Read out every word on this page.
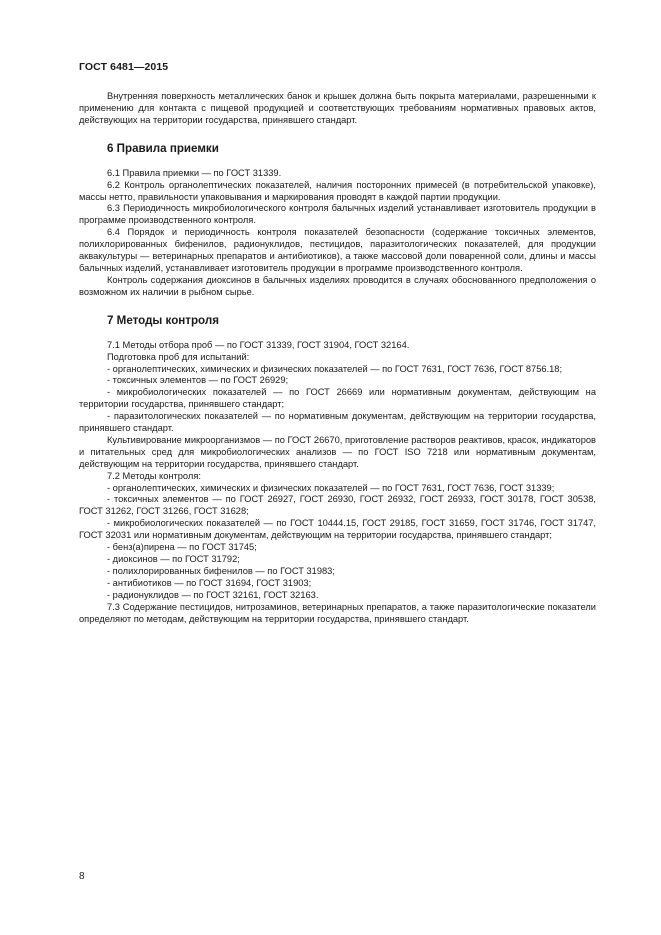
ГОСТ 6481—2015

Внутренняя поверхность металлических банок и крышек должна быть покрыта материалами, разрешенными к применению для контакта с пищевой продукцией и соответствующих требованиям нормативных правовых актов, действующих на территории государства, принявшего стандарт.

6 Правила приемки

6.1 Правила приемки — по ГОСТ 31339.

6.2 Контроль органолептических показателей, наличия посторонних примесей (в потребительской упаковке), массы нетто, правильности упаковывания и маркирования проводят в каждой партии продукции.

6.3 Периодичность микробиологического контроля балычных изделий устанавливает изготовитель продукции в программе производственного контроля.

6.4 Порядок и периодичность контроля показателей безопасности (содержание токсичных элементов, полихлорированных бифенилов, радионуклидов, пестицидов, паразитологических показателей, для продукции аквакультуры — ветеринарных препаратов и антибиотиков), а также массовой доли поваренной соли, длины и массы балычных изделий, устанавливает изготовитель продукции в программе производственного контроля.

Контроль содержания диоксинов в балычных изделиях проводится в случаях обоснованного предположения о возможном их наличии в рыбном сырье.

7 Методы контроля

7.1 Методы отбора проб — по ГОСТ 31339, ГОСТ 31904, ГОСТ 32164.

Подготовка проб для испытаний:

- органолептических, химических и физических показателей — по ГОСТ 7631, ГОСТ 7636, ГОСТ 8756.18;

- токсичных элементов — по ГОСТ 26929;

- микробиологических показателей — по ГОСТ 26669 или нормативным документам, действующим на территории государства, принявшего стандарт;

- паразитологических показателей — по нормативным документам, действующим на территории государства, принявшего стандарт.

Культивирование микроорганизмов — по ГОСТ 26670, приготовление растворов реактивов, красок, индикаторов и питательных сред для микробиологических анализов — по ГОСТ ISO 7218 или нормативным документам, действующим на территории государства, принявшего стандарт.

7.2 Методы контроля:

- органолептических, химических и физических показателей — по ГОСТ 7631, ГОСТ 7636, ГОСТ 31339;

- токсичных элементов — по ГОСТ 26927, ГОСТ 26930, ГОСТ 26932, ГОСТ 26933, ГОСТ 30178, ГОСТ 30538, ГОСТ 31262, ГОСТ 31266, ГОСТ 31628;

- микробиологических показателей — по ГОСТ 10444.15, ГОСТ 29185, ГОСТ 31659, ГОСТ 31746, ГОСТ 31747, ГОСТ 32031 или нормативным документам, действующим на территории государства, принявшего стандарт;

- бенз(а)пирена — по ГОСТ 31745;

- диоксинов — по ГОСТ 31792;

- полихлорированных бифенилов — по ГОСТ 31983;

- антибиотиков — по ГОСТ 31694, ГОСТ 31903;

- радионуклидов — по ГОСТ 32161, ГОСТ 32163.

7.3 Содержание пестицидов, нитрозаминов, ветеринарных препаратов, а также паразитологические показатели определяют по методам, действующим на территории государства, принявшего стандарт.

8
